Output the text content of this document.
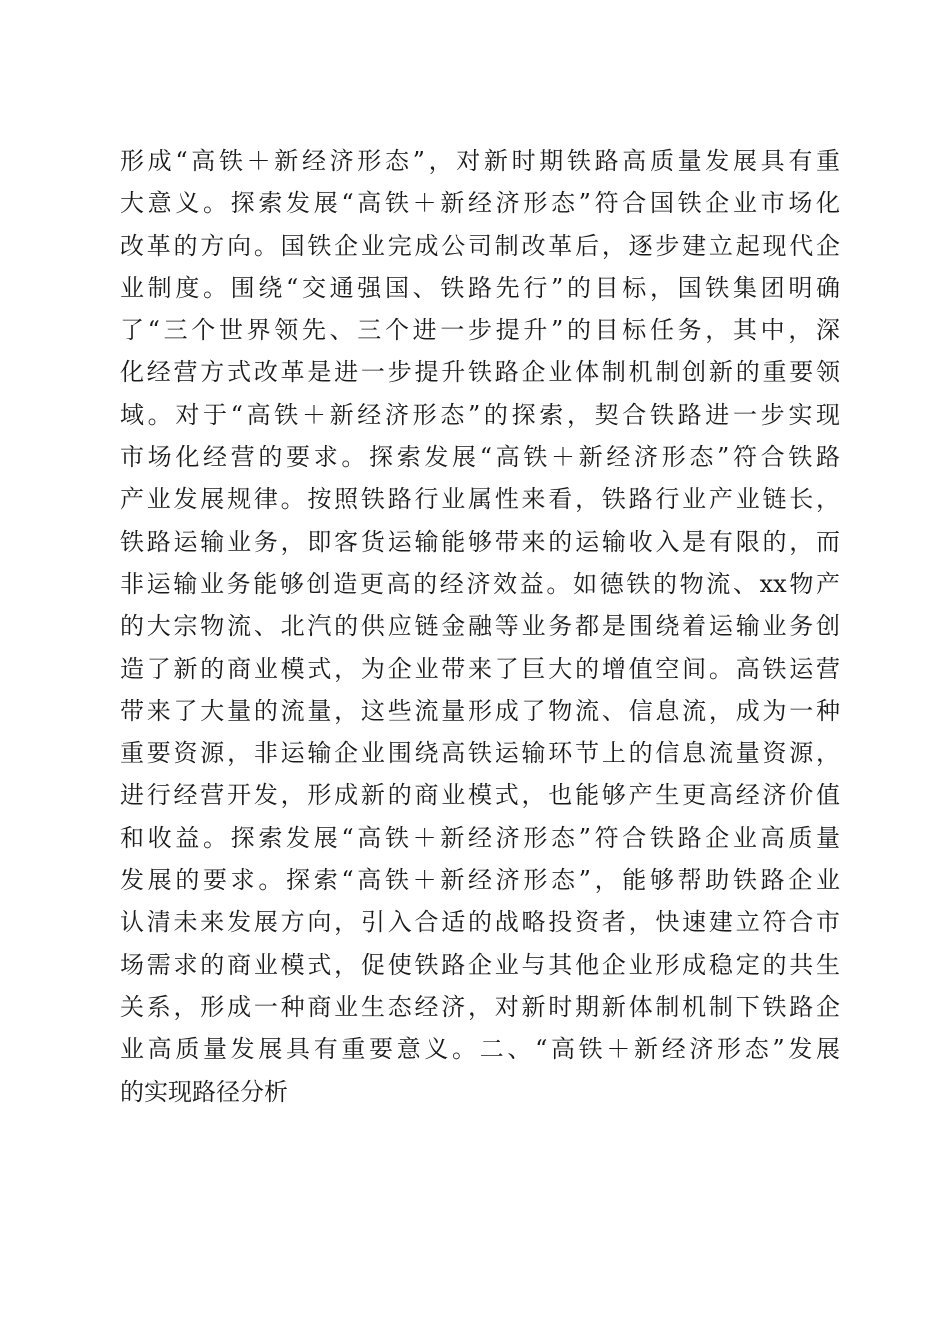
形成“高铁＋新经济形态”，对新时期铁路高质量发展具有重
大意义。探索发展“高铁＋新经济形态”符合国铁企业市场化
改革的方向。国铁企业完成公司制改革后，逐步建立起现代企
业制度。围绕“交通强国、铁路先行”的目标，国铁集团明确
了“三个世界领先、三个进一步提升”的目标任务，其中，深
化经营方式改革是进一步提升铁路企业体制机制创新的重要领
域。对于“高铁＋新经济形态”的探索，契合铁路进一步实现
市场化经营的要求。探索发展“高铁＋新经济形态”符合铁路
产业发展规律。按照铁路行业属性来看，铁路行业产业链长，
铁路运输业务，即客货运输能够带来的运输收入是有限的，而
非运输业务能够创造更高的经济效益。如德铁的物流、xx物产
的大宗物流、北汽的供应链金融等业务都是围绕着运输业务创
造了新的商业模式，为企业带来了巨大的增值空间。高铁运营
带来了大量的流量，这些流量形成了物流、信息流，成为一种
重要资源，非运输企业围绕高铁运输环节上的信息流量资源，
进行经营开发，形成新的商业模式，也能够产生更高经济价值
和收益。探索发展“高铁＋新经济形态”符合铁路企业高质量
发展的要求。探索“高铁＋新经济形态”，能够帮助铁路企业
认清未来发展方向，引入合适的战略投资者，快速建立符合市
场需求的商业模式，促使铁路企业与其他企业形成稳定的共生
关系，形成一种商业生态经济，对新时期新体制机制下铁路企
业高质量发展具有重要意义。二、“高铁＋新经济形态”发展
的实现路径分析
